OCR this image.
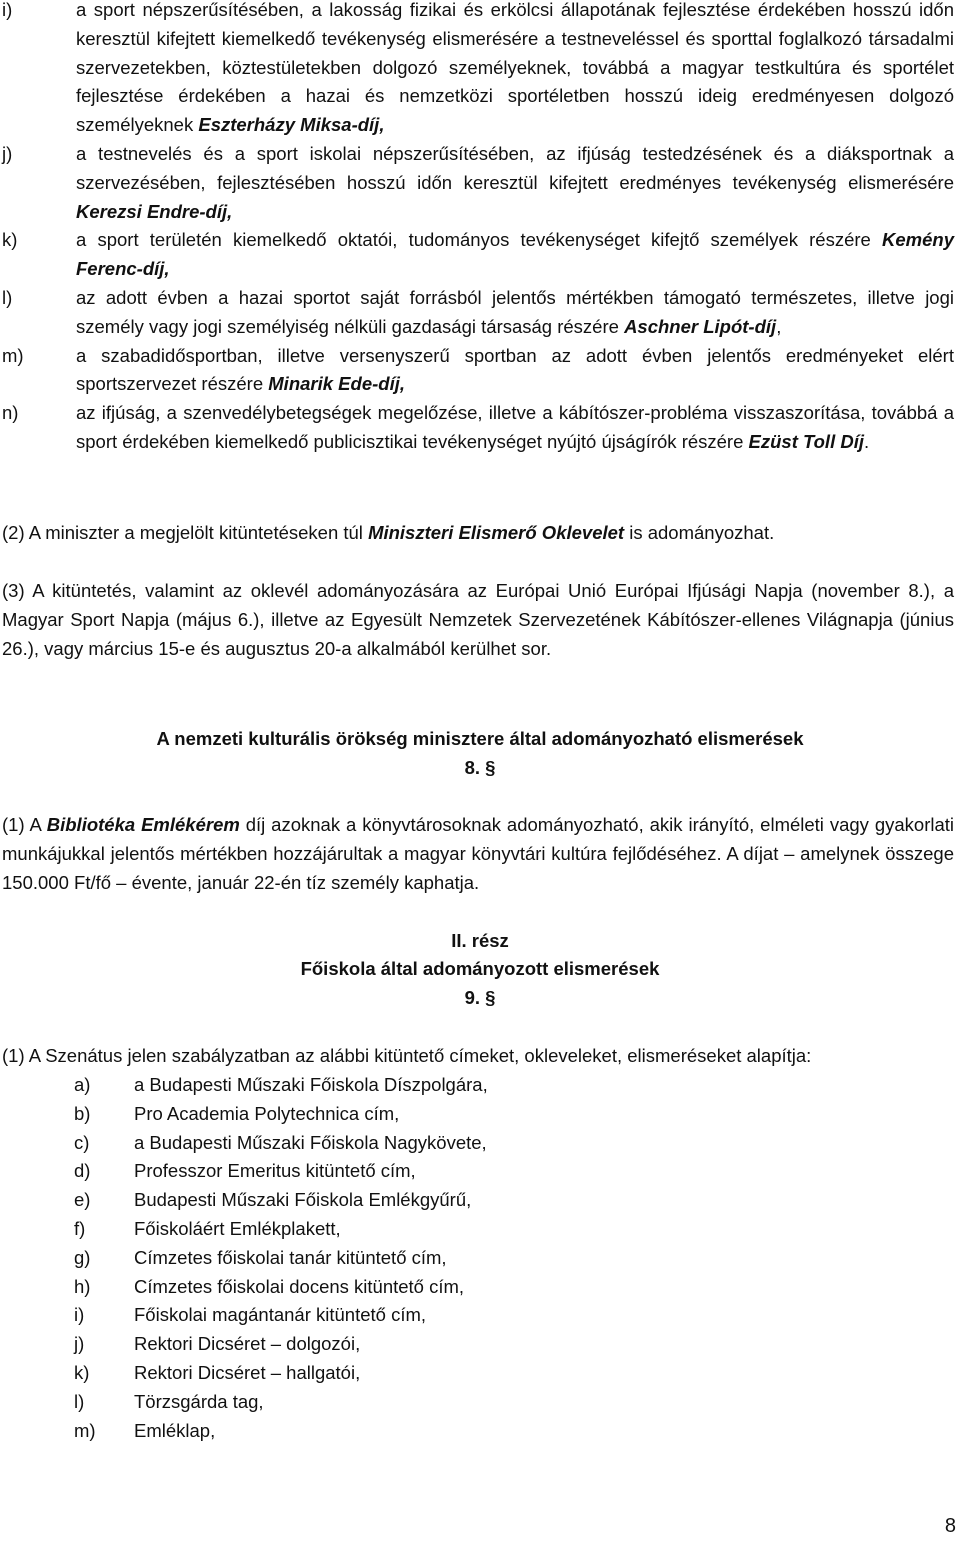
i)	a sport népszerűsítésében, a lakosság fizikai és erkölcsi állapotának fejlesztése érdekében hosszú időn keresztül kifejtett kiemelkedő tevékenység elismerésére a testneveléssel és sporttal foglalkozó társadalmi szervezetekben, köztestületekben dolgozó személyeknek, továbbá a magyar testkultúra és sportélet fejlesztése érdekében a hazai és nemzetközi sportéletben hosszú ideig eredményesen dolgozó személyeknek Eszterházy Miksa-díj,
j)	a testnevelés és a sport iskolai népszerűsítésében, az ifjúság testedzésének és a diáksportnak a szervezésében, fejlesztésében hosszú időn keresztül kifejtett eredményes tevékenység elismerésére Kerezsi Endre-díj,
k)	a sport területén kiemelkedő oktatói, tudományos tevékenységet kifejtő személyek részére Kemény Ferenc-díj,
l)	az adott évben a hazai sportot saját forrásból jelentős mértékben támogató természetes, illetve jogi személy vagy jogi személyiség nélküli gazdasági társaság részére Aschner Lipót-díj,
m)	a szabadidősportban, illetve versenyszerű sportban az adott évben jelentős eredményeket elért sportszervezet részére Minarik Ede-díj,
n)	az ifjúság, a szenvedélybetegségek megelőzése, illetve a kábítószer-probléma visszaszorítása, továbbá a sport érdekében kiemelkedő publicisztikai tevékenységet nyújtó újságírók részére Ezüst Toll Díj.

(2) A miniszter a megjelölt kitüntetéseken túl Miniszteri Elismerő Oklevelet is adományozhat.

(3) A kitüntetés, valamint az oklevél adományozására az Európai Unió Európai Ifjúsági Napja (november 8.), a Magyar Sport Napja (május 6.), illetve az Egyesült Nemzetek Szervezetének Kábítószer-ellenes Világnapja (június 26.), vagy március 15-e és augusztus 20-a alkalmából kerülhet sor.

A nemzeti kulturális örökség minisztere által adományozható elismerések
8. §

(1) A Bibliotéka Emlékérem díj azoknak a könyvtárosoknak adományozható, akik irányító, elméleti vagy gyakorlati munkájukkal jelentős mértékben hozzájárultak a magyar könyvtári kultúra fejlődéséhez. A díjat – amelynek összege 150.000 Ft/fő – évente, január 22-én tíz személy kaphatja.

II. rész
Főiskola által adományozott elismerések
9. §

(1) A Szenátus jelen szabályzatban az alábbi kitüntető címeket, okleveleket, elismeréseket alapítja:

a)	a Budapesti Műszaki Főiskola Díszpolgára,
b)	Pro Academia Polytechnica cím,
c)	a Budapesti Műszaki Főiskola Nagykövete,
d)	Professzor Emeritus kitüntető cím,
e)	Budapesti Műszaki Főiskola Emlékgyűrű,
f)	Főiskoláért Emlékplakett,
g)	Címzetes főiskolai tanár kitüntető cím,
h)	Címzetes főiskolai docens kitüntető cím,
i)	Főiskolai magántanár kitüntető cím,
j)	Rektori Dicséret – dolgozói,
k)	Rektori Dicséret – hallgatói,
l)	Törzsgárda tag,
m)	Emléklap,
8
